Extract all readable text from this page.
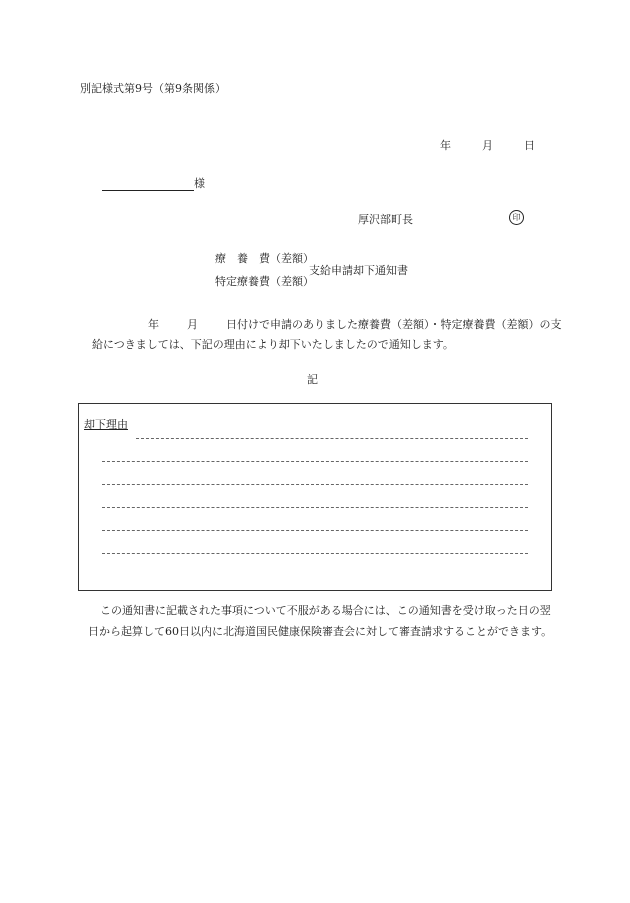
別記様式第9号（第9条関係）
年	月	日
様
厚沢部町長	印
療　養　費（差額）
特定療養費（差額）
支給申請却下通知書
年	月	日付けで申請のありました療養費（差額）・特定療養費（差額）の支給につきましては、下記の理由により却下いたしましたので通知します。
記
却下理由
この通知書に記載された事項について不服がある場合には、この通知書を受け取った日の翌日から起算して60日以内に北海道国民健康保険審査会に対して審査請求することができます。
